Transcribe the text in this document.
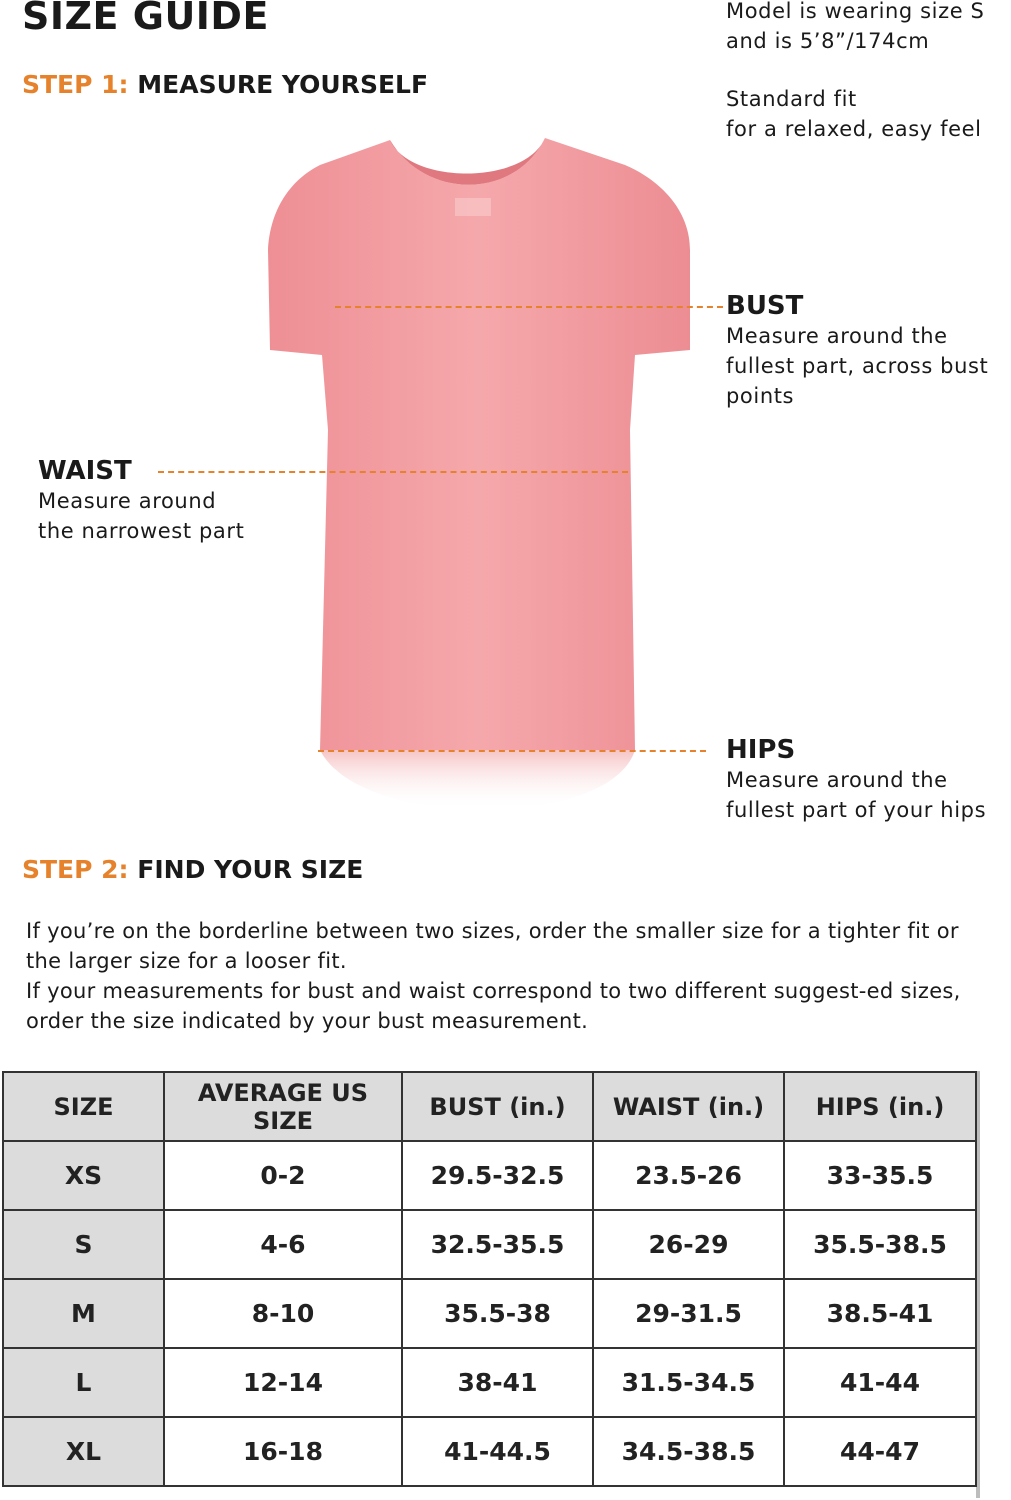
SIZE GUIDE
STEP 1: MEASURE YOURSELF
Model is wearing size S
and is 5’8”/174cm
Standard fit
for a relaxed, easy feel
BUST
Measure around the
fullest part, across bust
points
WAIST
Measure around
the narrowest part
HIPS
Measure around the
fullest part of your hips
STEP 2: FIND YOUR SIZE

If you’re on the borderline between two sizes, order the smaller size for a tighter fit or the larger size for a looser fit.

If your measurements for bust and waist correspond to two different suggest-ed sizes, order the size indicated by your bust measurement.

SIZE	AVERAGE US SIZE	BUST (in.)	WAIST (in.)	HIPS (in.)
XS	0-2	29.5-32.5	23.5-26	33-35.5
S	4-6	32.5-35.5	26-29	35.5-38.5
M	8-10	35.5-38	29-31.5	38.5-41
L	12-14	38-41	31.5-34.5	41-44
XL	16-18	41-44.5	34.5-38.5	44-47
